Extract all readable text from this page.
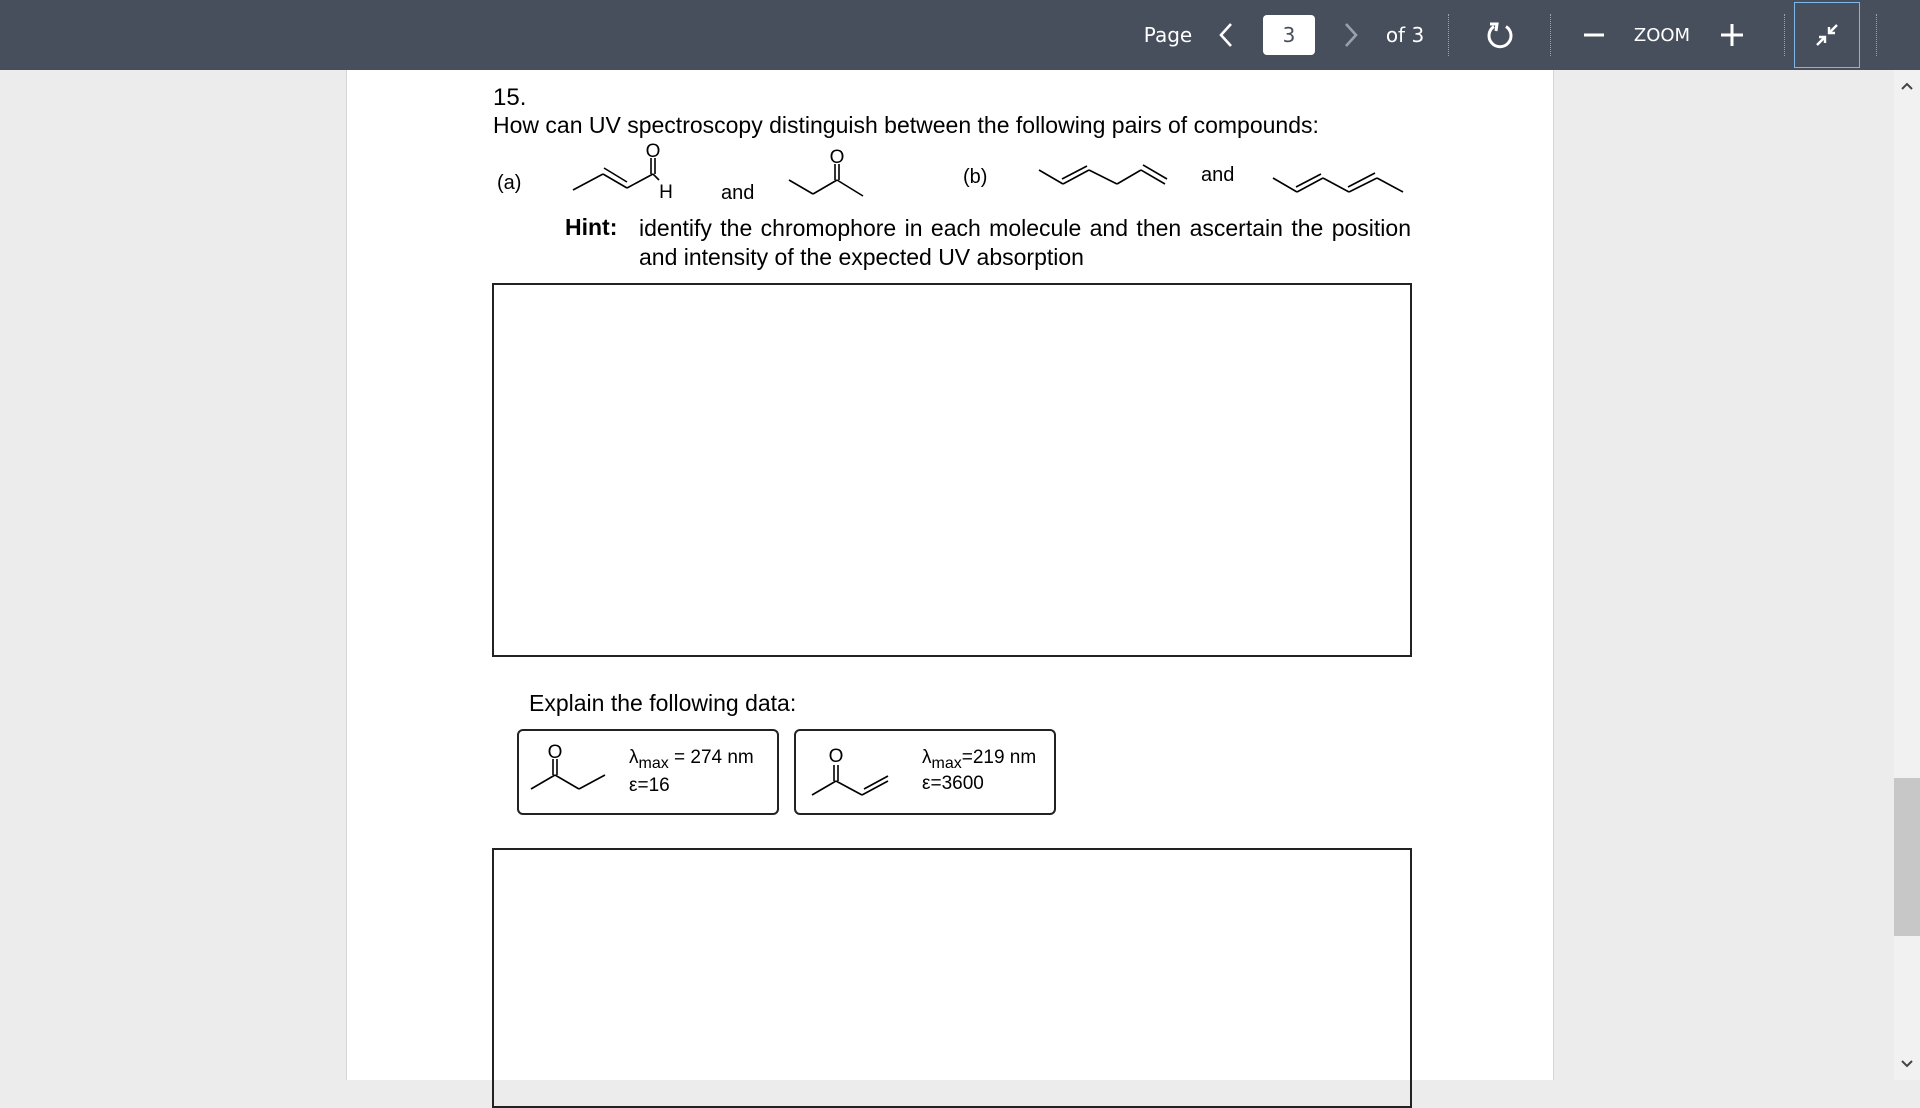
Page
3	of 3	ZOOM
15.
How can UV spectroscopy distinguish between the following pairs of compounds:
(a)
O
H and
O
(b)	and
Hint: identify the chromophore in each molecule and then ascertain the position and intensity of the expected UV absorption
Explain the following data:
O	$\lambda_{max} = 274$ nm
ε=16
O	$\lambda_{max}=219$ nm
ε=3600
